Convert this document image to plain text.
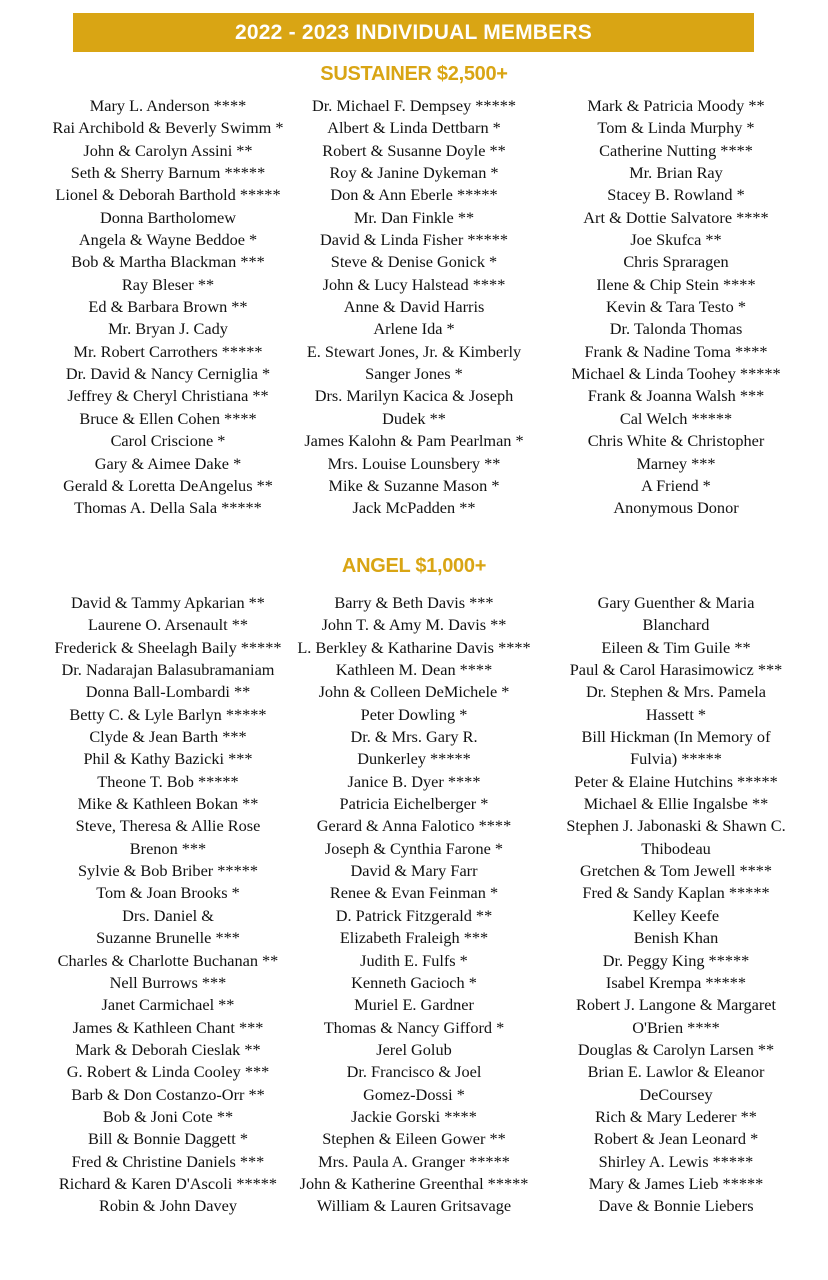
2022 - 2023 INDIVIDUAL MEMBERS
SUSTAINER $2,500+
Mary L. Anderson ****
Rai Archibold & Beverly Swimm *
John & Carolyn Assini **
Seth & Sherry Barnum *****
Lionel & Deborah Barthold *****
Donna Bartholomew
Angela & Wayne Beddoe *
Bob & Martha Blackman ***
Ray Bleser **
Ed & Barbara Brown **
Mr. Bryan J. Cady
Mr. Robert Carrothers *****
Dr. David & Nancy Cerniglia *
Jeffrey & Cheryl Christiana **
Bruce & Ellen Cohen ****
Carol Criscione *
Gary & Aimee Dake *
Gerald & Loretta DeAngelus **
Thomas A. Della Sala *****
Dr. Michael F. Dempsey *****
Albert & Linda Dettbarn *
Robert & Susanne Doyle **
Roy & Janine Dykeman *
Don & Ann Eberle *****
Mr. Dan Finkle **
David & Linda Fisher *****
Steve & Denise Gonick *
John & Lucy Halstead ****
Anne & David Harris
Arlene Ida *
E. Stewart Jones, Jr. & Kimberly
Sanger Jones *
Drs. Marilyn Kacica & Joseph
Dudek **
James Kalohn & Pam Pearlman *
Mrs. Louise Lounsbery **
Mike & Suzanne Mason *
Jack McPadden **
Mark & Patricia Moody **
Tom & Linda Murphy *
Catherine Nutting ****
Mr. Brian Ray
Stacey B. Rowland *
Art & Dottie Salvatore ****
Joe Skufca **
Chris Spraragen
Ilene & Chip Stein ****
Kevin & Tara Testo *
Dr. Talonda Thomas
Frank & Nadine Toma ****
Michael & Linda Toohey *****
Frank & Joanna Walsh ***
Cal Welch *****
Chris White & Christopher
Marney ***
A Friend *
Anonymous Donor
ANGEL $1,000+
David & Tammy Apkarian **
Laurene O. Arsenault **
Frederick & Sheelagh Baily *****
Dr. Nadarajan Balasubramaniam
Donna Ball-Lombardi **
Betty C. & Lyle Barlyn *****
Clyde & Jean Barth ***
Phil & Kathy Bazicki ***
Theone T. Bob *****
Mike & Kathleen Bokan **
Steve, Theresa & Allie Rose
Brenon ***
Sylvie & Bob Briber *****
Tom & Joan Brooks *
Drs. Daniel &
Suzanne Brunelle ***
Charles & Charlotte Buchanan **
Nell Burrows ***
Janet Carmichael **
James & Kathleen Chant ***
Mark & Deborah Cieslak **
G. Robert & Linda Cooley ***
Barb & Don Costanzo-Orr **
Bob & Joni Cote **
Bill & Bonnie Daggett *
Fred & Christine Daniels ***
Richard & Karen D'Ascoli *****
Robin & John Davey
Barry & Beth Davis ***
John T. & Amy M. Davis **
L. Berkley & Katharine Davis ****
Kathleen M. Dean ****
John & Colleen DeMichele *
Peter Dowling *
Dr. & Mrs. Gary R.
Dunkerley *****
Janice B. Dyer ****
Patricia Eichelberger *
Gerard & Anna Falotico ****
Joseph & Cynthia Farone *
David & Mary Farr
Renee & Evan Feinman *
D. Patrick Fitzgerald **
Elizabeth Fraleigh ***
Judith E. Fulfs *
Kenneth Gacioch *
Muriel E. Gardner
Thomas & Nancy Gifford *
Jerel Golub
Dr. Francisco & Joel
Gomez-Dossi *
Jackie Gorski ****
Stephen & Eileen Gower **
Mrs. Paula A. Granger *****
John & Katherine Greenthal *****
William & Lauren Gritsavage
Gary Guenther & Maria
Blanchard
Eileen & Tim Guile **
Paul & Carol Harasimowicz ***
Dr. Stephen & Mrs. Pamela
Hassett *
Bill Hickman (In Memory of
Fulvia) *****
Peter & Elaine Hutchins *****
Michael & Ellie Ingalsbe **
Stephen J. Jabonaski & Shawn C.
Thibodeau
Gretchen & Tom Jewell ****
Fred & Sandy Kaplan *****
Kelley Keefe
Benish Khan
Dr. Peggy King *****
Isabel Krempa *****
Robert J. Langone & Margaret
O'Brien ****
Douglas & Carolyn Larsen **
Brian E. Lawlor & Eleanor
DeCoursey
Rich & Mary Lederer **
Robert & Jean Leonard *
Shirley A. Lewis *****
Mary & James Lieb *****
Dave & Bonnie Liebers
